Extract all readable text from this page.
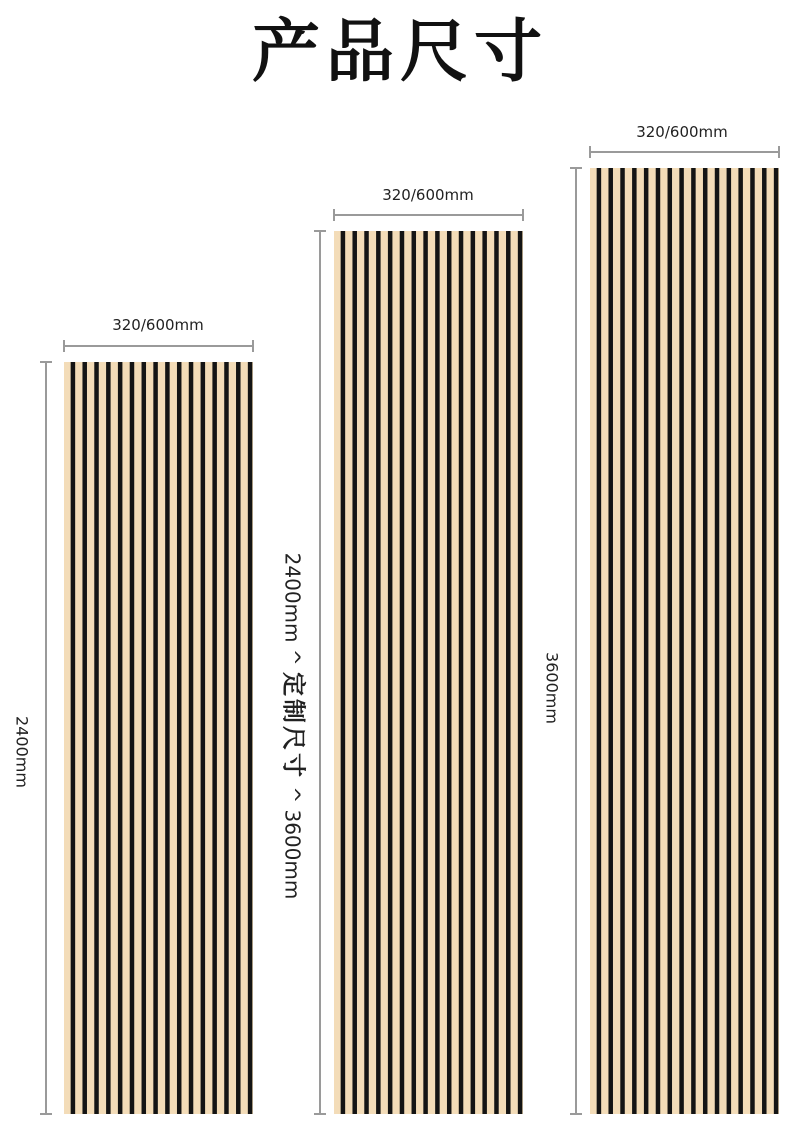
产品尺寸
320/600mm
320/600mm
320/600mm
2400mm
2400mm ^ 定制尺寸 ^ 3600mm
3600mm
